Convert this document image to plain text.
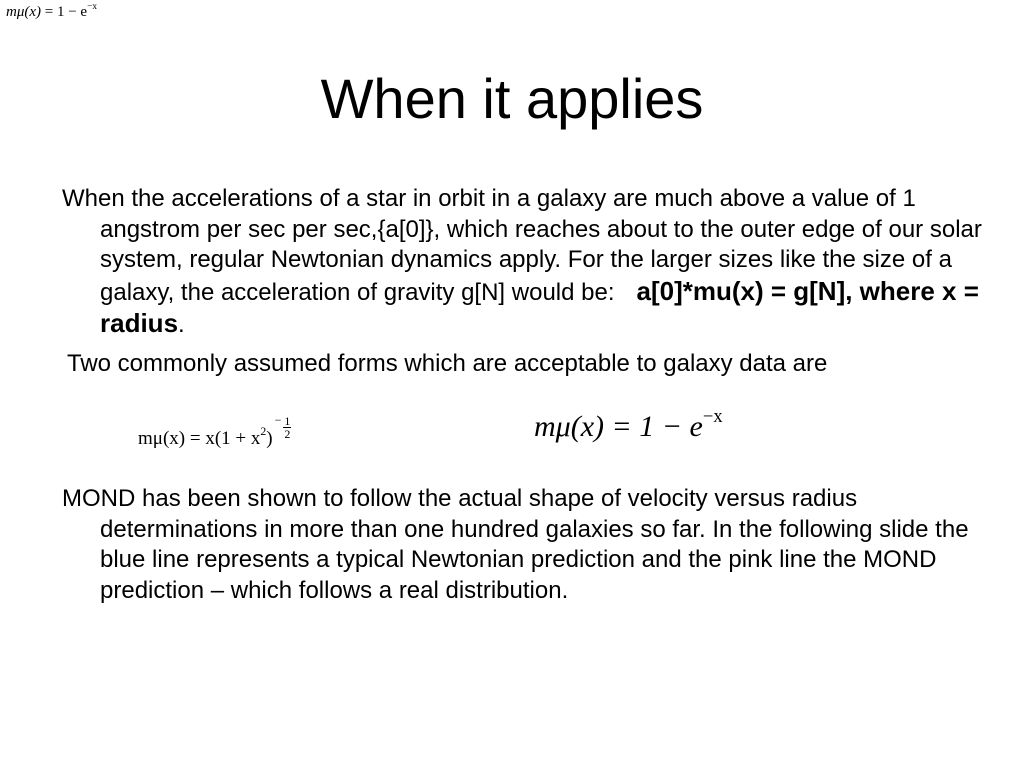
$m\mu(x) = 1 - e^{-x}$
When it applies

When the accelerations of a star in orbit in a galaxy are much above a value of 1 angstrom per sec per sec,{a[0]}, which reaches about to the outer edge of our solar system, regular Newtonian dynamics apply. For the larger sizes like the size of a galaxy, the acceleration of gravity g[N] would be: a[0]*mu(x) = g[N], where x = radius.

Two commonly assumed forms which are acceptable to galaxy data are

$m\mu(x) = x(1 + x^2)- \frac{1}{2}$	$m\mu(x) = 1 - e^{-x}$

MOND has been shown to follow the actual shape of velocity versus radius determinations in more than one hundred galaxies so far. In the following slide the blue line represents a typical Newtonian prediction and the pink line the MOND prediction – which follows a real distribution.
